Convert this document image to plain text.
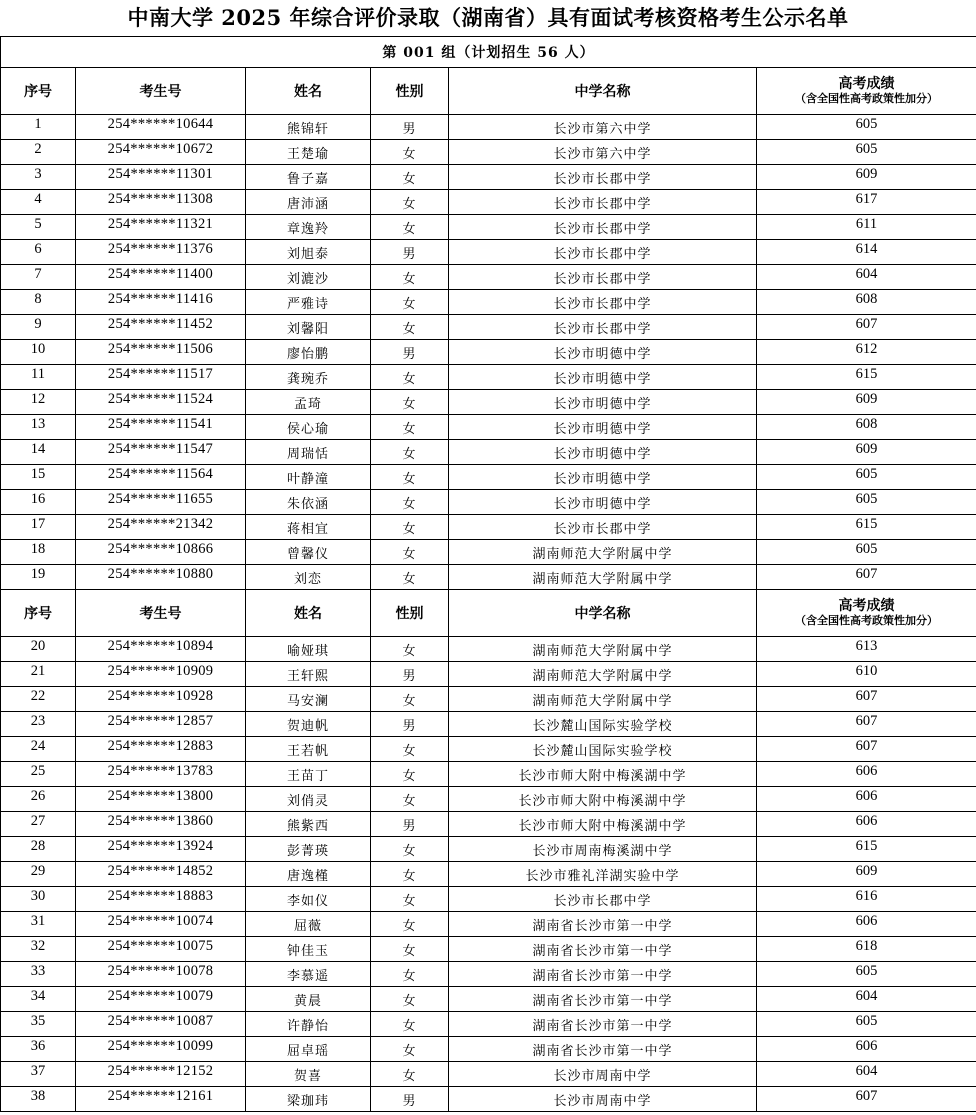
中南大学 2025 年综合评价录取（湖南省）具有面试考核资格考生公示名单
第 001 组（计划招生 56 人）					
序号	考生号	姓名	性别	中学名称	高考成绩
（含全国性高考政策性加分）

1	254******10644	熊锦轩	男	长沙市第六中学	605
2	254******10672	王楚瑜	女	长沙市第六中学	605
3	254******11301	鲁子嘉	女	长沙市长郡中学	609
4	254******11308	唐沛涵	女	长沙市长郡中学	617
5	254******11321	章逸羚	女	长沙市长郡中学	611
6	254******11376	刘旭泰	男	长沙市长郡中学	614
7	254******11400	刘漉沙	女	长沙市长郡中学	604
8	254******11416	严雅诗	女	长沙市长郡中学	608
9	254******11452	刘馨阳	女	长沙市长郡中学	607
10	254******11506	廖怡鹏	男	长沙市明德中学	612
11	254******11517	龚琬乔	女	长沙市明德中学	615
12	254******11524	孟琦	女	长沙市明德中学	609
13	254******11541	侯心瑜	女	长沙市明德中学	608
14	254******11547	周瑞恬	女	长沙市明德中学	609
15	254******11564	叶静潼	女	长沙市明德中学	605
16	254******11655	朱依涵	女	长沙市明德中学	605
17	254******21342	蒋相宜	女	长沙市长郡中学	615
18	254******10866	曾馨仪	女	湖南师范大学附属中学	605
19	254******10880	刘恋	女	湖南师范大学附属中学	607
序号	考生号	姓名	性别	中学名称	高考成绩
（含全国性高考政策性加分）

20	254******10894	喻娅琪	女	湖南师范大学附属中学	613
21	254******10909	王轩熙	男	湖南师范大学附属中学	610
22	254******10928	马安澜	女	湖南师范大学附属中学	607
23	254******12857	贺迪帆	男	长沙麓山国际实验学校	607
24	254******12883	王若帆	女	长沙麓山国际实验学校	607
25	254******13783	王苗丁	女	长沙市师大附中梅溪湖中学	606
26	254******13800	刘俏灵	女	长沙市师大附中梅溪湖中学	606
27	254******13860	熊紫西	男	长沙市师大附中梅溪湖中学	606
28	254******13924	彭菁瑛	女	长沙市周南梅溪湖中学	615
29	254******14852	唐逸槿	女	长沙市雅礼洋湖实验中学	609
30	254******18883	李如仪	女	长沙市长郡中学	616
31	254******10074	屈薇	女	湖南省长沙市第一中学	606
32	254******10075	钟佳玉	女	湖南省长沙市第一中学	618
33	254******10078	李慕遥	女	湖南省长沙市第一中学	605
34	254******10079	黄晨	女	湖南省长沙市第一中学	604
35	254******10087	许静怡	女	湖南省长沙市第一中学	605
36	254******10099	屈卓瑶	女	湖南省长沙市第一中学	606
37	254******12152	贺喜	女	长沙市周南中学	604
38	254******12161	梁珈玮	男	长沙市周南中学	607
